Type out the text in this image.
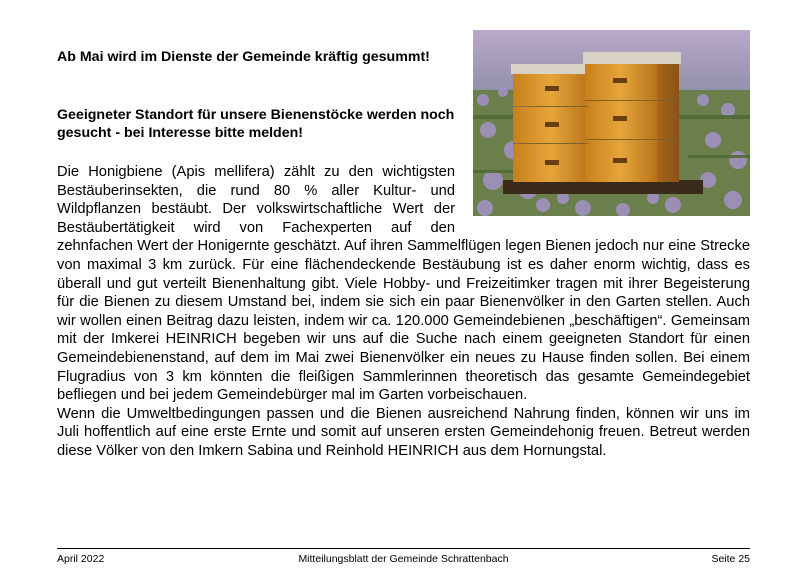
Ab Mai wird im Dienste der Gemeinde kräftig gesummt!

Geeigneter Standort für unsere Bienenstöcke werden noch gesucht - bei Interesse bitte melden!

Die Honigbiene (Apis mellifera) zählt zu den wichtigsten Bestäuberinsekten, die rund 80 % aller Kultur- und Wildpflanzen bestäubt. Der volkswirtschaftliche Wert der Bestäubertätigkeit wird von Fachexperten auf den zehnfachen Wert der Honigernte geschätzt. Auf ihren Sammelflügen legen Bienen jedoch nur eine Strecke von maximal 3 km zurück. Für eine flächendeckende Bestäubung ist es daher enorm wichtig, dass es überall und gut verteilt Bienenhaltung gibt. Viele Hobby- und Freizeitimker tragen mit ihrer Begeisterung für die Bienen zu diesem Umstand bei, indem sie sich ein paar Bienenvölker in den Garten stellen. Auch wir wollen einen Beitrag dazu leisten, indem wir ca. 120.000 Gemeindebienen „beschäftigen“. Gemeinsam mit der Imkerei HEINRICH begeben wir uns auf die Suche nach einem geeigneten Standort für einen Gemeindebienenstand, auf dem im Mai zwei Bienenvölker ein neues zu Hause finden sollen. Bei einem Flugradius von 3 km könnten die fleißigen Sammlerinnen theoretisch das gesamte Gemeindegebiet befliegen und bei jedem Gemeindebürger mal im Garten vorbeischauen.

Wenn die Umweltbedingungen passen und die Bienen ausreichend Nahrung finden, können wir uns im Juli hoffentlich auf eine erste Ernte und somit auf unseren ersten Gemeindehonig freuen. Betreut werden diese Völker von den Imkern Sabina und Reinhold HEINRICH aus dem Hornungstal.

April 2022	Mitteilungsblatt der Gemeinde Schrattenbach	Seite 25
